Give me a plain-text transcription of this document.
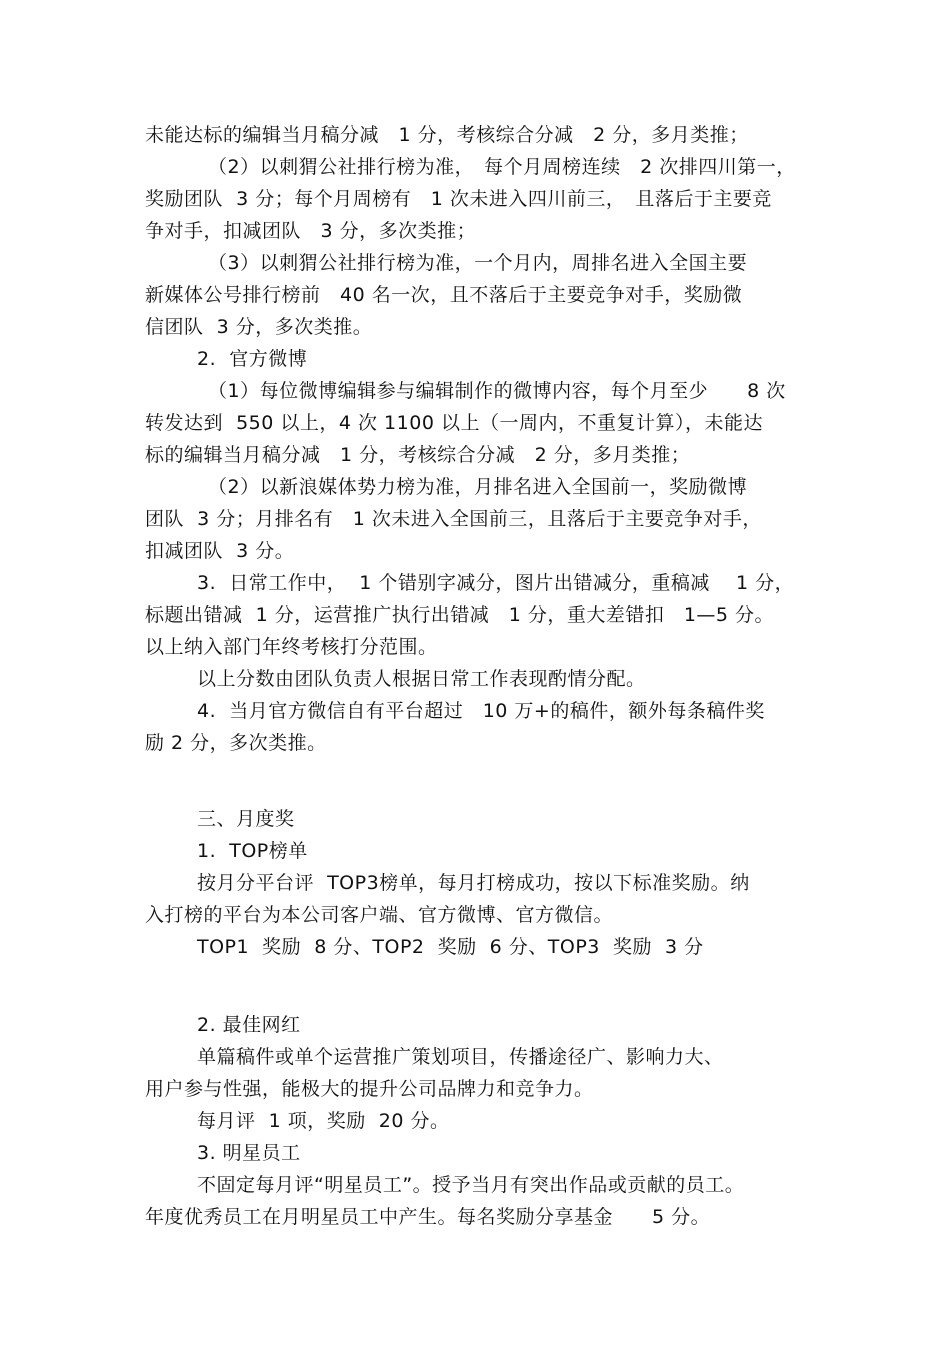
未能达标的编辑当月稿分减　1 分，考核综合分减　2 分，多月类推；
（2）以刺猬公社排行榜为准，　每个月周榜连续　2 次排四川第一，
奖励团队  3 分；每个月周榜有　1 次未进入四川前三，　且落后于主要竞
争对手，扣减团队　3 分，多次类推；
（3）以刺猬公社排行榜为准，一个月内，周排名进入全国主要
新媒体公号排行榜前　40 名一次，且不落后于主要竞争对手，奖励微
信团队  3 分，多次类推。
2.  官方微博
（1）每位微博编辑参与编辑制作的微博内容，每个月至少　　8 次
转发达到  550 以上，4 次 1100 以上（一周内，不重复计算），未能达
标的编辑当月稿分减　1 分，考核综合分减　2 分，多月类推；
（2）以新浪媒体势力榜为准，月排名进入全国前一，奖励微博
团队  3 分；月排名有　1 次未进入全国前三，且落后于主要竞争对手，
扣减团队  3 分。
3.  日常工作中，  1 个错别字减分，图片出错减分，重稿减　 1 分，
标题出错减  1 分，运营推广执行出错减　1 分，重大差错扣　1—5 分。
以上纳入部门年终考核打分范围。
以上分数由团队负责人根据日常工作表现酌情分配。
4.  当月官方微信自有平台超过　10 万+的稿件，额外每条稿件奖
励 2 分，多次类推。
三、月度奖
1.  TOP榜单
按月分平台评  TOP3榜单，每月打榜成功，按以下标准奖励。纳
入打榜的平台为本公司客户端、官方微博、官方微信。
TOP1  奖励  8 分、TOP2  奖励  6 分、TOP3  奖励  3 分
2. 最佳网红
单篇稿件或单个运营推广策划项目，传播途径广、影响力大、
用户参与性强，能极大的提升公司品牌力和竞争力。
每月评  1 项，奖励  20 分。
3. 明星员工
不固定每月评“明星员工”。授予当月有突出作品或贡献的员工。
年度优秀员工在月明星员工中产生。每名奖励分享基金　　5 分。
